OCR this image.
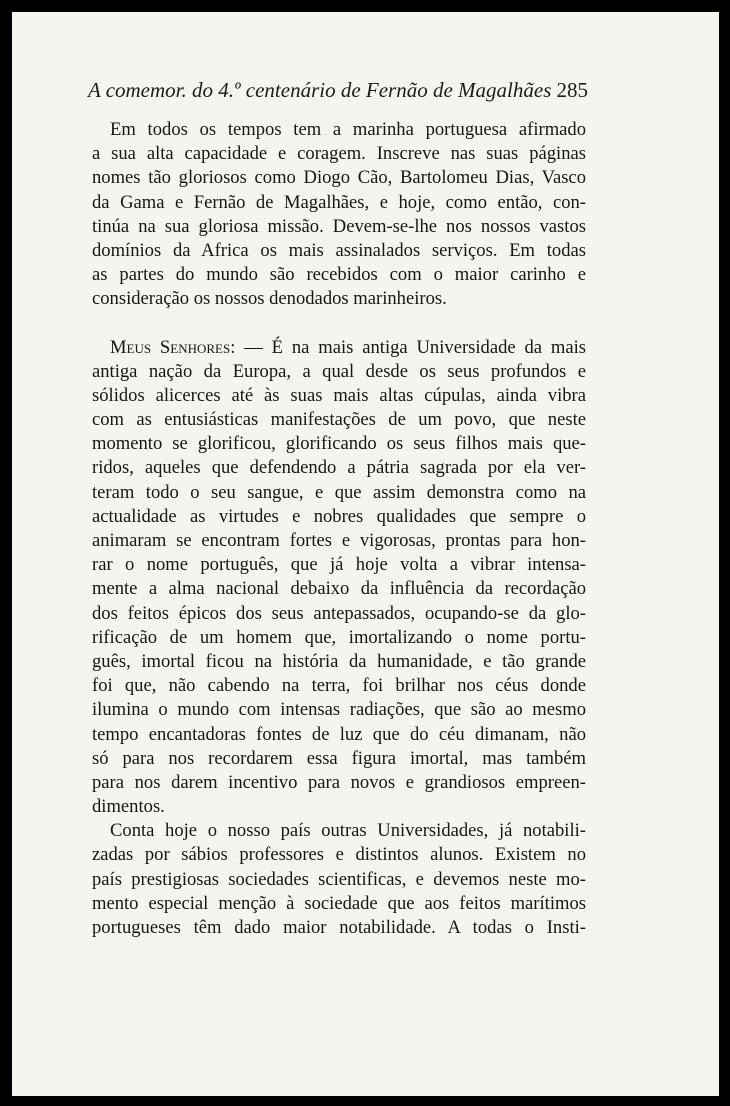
A comemor. do 4.º centenário de Fernão de Magalhães 285
Em todos os tempos tem a marinha portuguesa afirmado
a sua alta capacidade e coragem. Inscreve nas suas páginas
nomes tão gloriosos como Diogo Cão, Bartolomeu Dias, Vasco
da Gama e Fernão de Magalhães, e hoje, como então, con-
tinúa na sua gloriosa missão. Devem-se-lhe nos nossos vastos
domínios da Africa os mais assinalados serviços. Em todas
as partes do mundo são recebidos com o maior carinho e
consideração os nossos denodados marinheiros.
Meus Senhores: — É na mais antiga Universidade da mais
antiga nação da Europa, a qual desde os seus profundos e
sólidos alicerces até às suas mais altas cúpulas, ainda vibra
com as entusiásticas manifestações de um povo, que neste
momento se glorificou, glorificando os seus filhos mais que-
ridos, aqueles que defendendo a pátria sagrada por ela ver-
teram todo o seu sangue, e que assim demonstra como na
actualidade as virtudes e nobres qualidades que sempre o
animaram se encontram fortes e vigorosas, prontas para hon-
rar o nome português, que já hoje volta a vibrar intensa-
mente a alma nacional debaixo da influência da recordação
dos feitos épicos dos seus antepassados, ocupando-se da glo-
rificação de um homem que, imortalizando o nome portu-
guês, imortal ficou na história da humanidade, e tão grande
foi que, não cabendo na terra, foi brilhar nos céus donde
ilumina o mundo com intensas radiações, que são ao mesmo
tempo encantadoras fontes de luz que do céu dimanam, não
só para nos recordarem essa figura imortal, mas também
para nos darem incentivo para novos e grandiosos empreen-
dimentos.
Conta hoje o nosso país outras Universidades, já notabili-
zadas por sábios professores e distintos alunos. Existem no
país prestigiosas sociedades scientificas, e devemos neste mo-
mento especial menção à sociedade que aos feitos marítimos
portugueses têm dado maior notabilidade. A todas o Insti-
